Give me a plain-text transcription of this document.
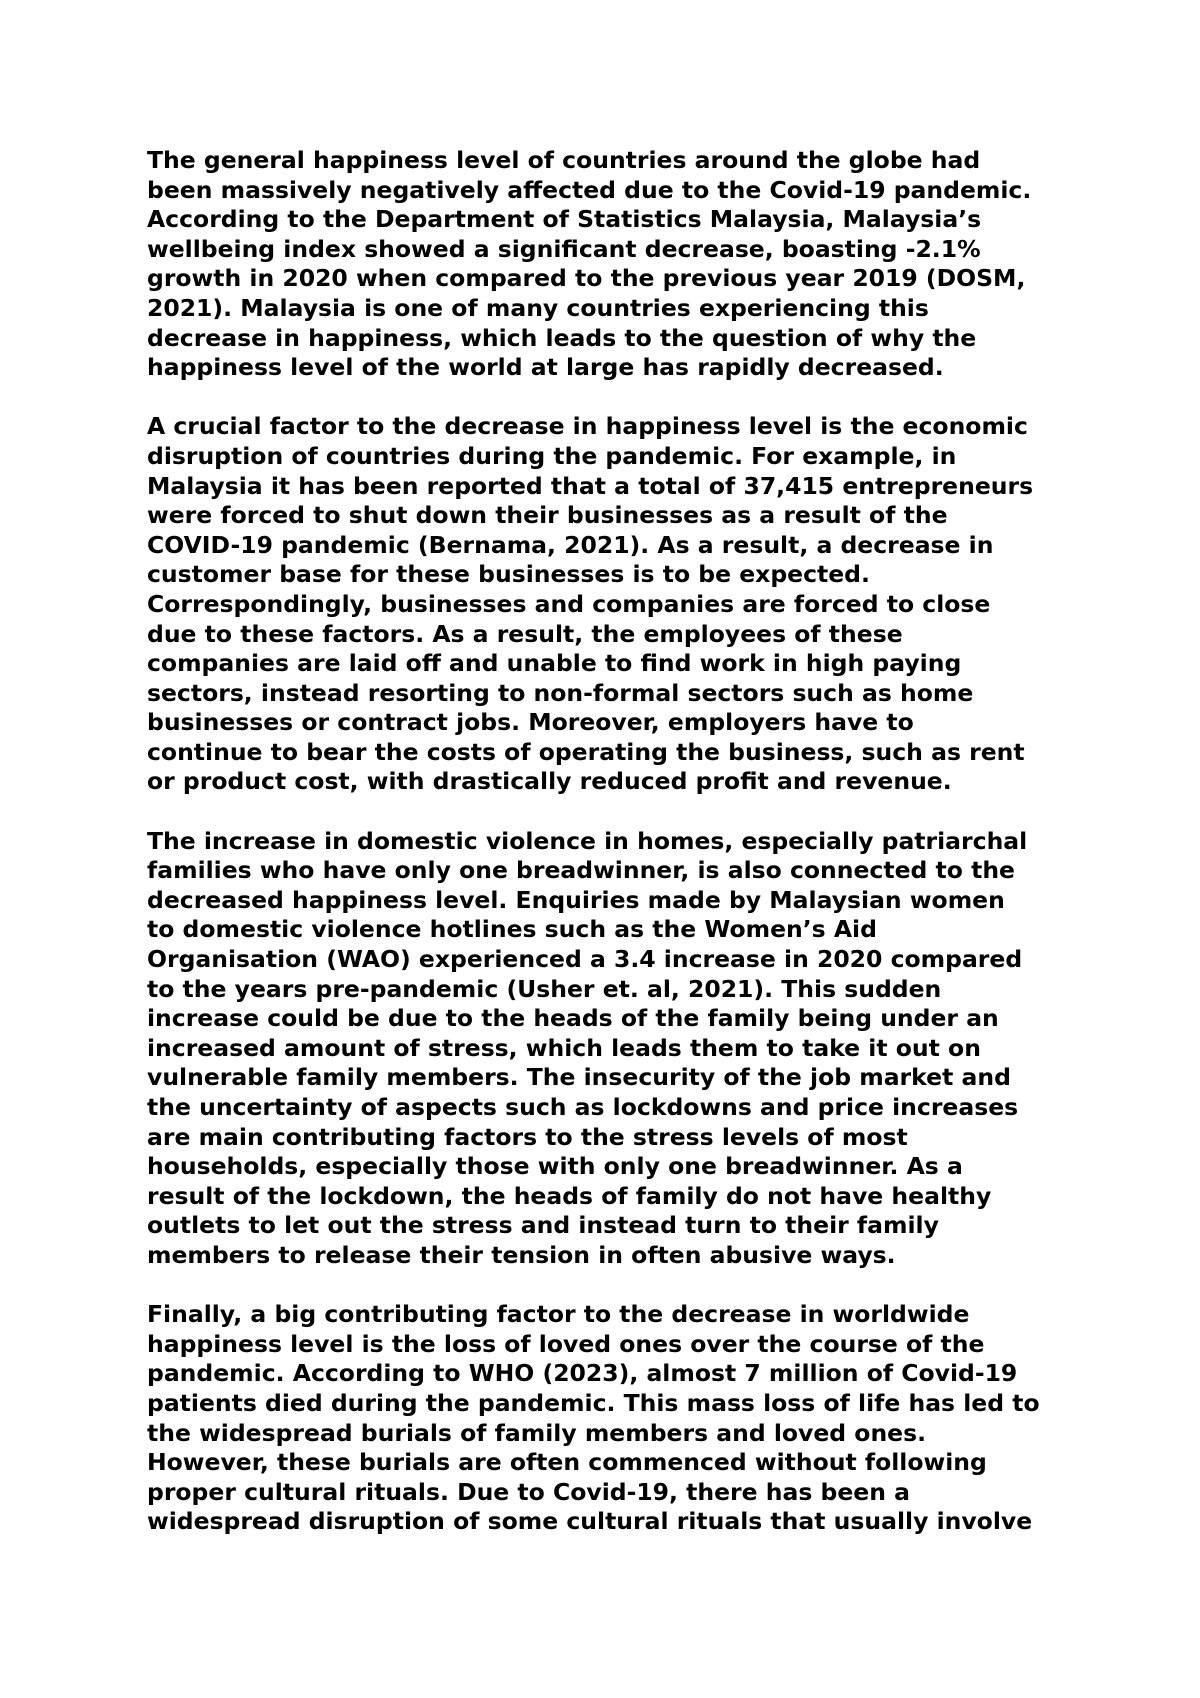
The general happiness level of countries around the globe had
been massively negatively affected due to the Covid-19 pandemic.
According to the Department of Statistics Malaysia, Malaysia’s
wellbeing index showed a significant decrease, boasting -2.1%
growth in 2020 when compared to the previous year 2019 (DOSM,
2021). Malaysia is one of many countries experiencing this
decrease in happiness, which leads to the question of why the
happiness level of the world at large has rapidly decreased.

A crucial factor to the decrease in happiness level is the economic
disruption of countries during the pandemic. For example, in
Malaysia it has been reported that a total of 37,415 entrepreneurs
were forced to shut down their businesses as a result of the
COVID-19 pandemic (Bernama, 2021). As a result, a decrease in
customer base for these businesses is to be expected.
Correspondingly, businesses and companies are forced to close
due to these factors. As a result, the employees of these
companies are laid off and unable to find work in high paying
sectors, instead resorting to non-formal sectors such as home
businesses or contract jobs. Moreover, employers have to
continue to bear the costs of operating the business, such as rent
or product cost, with drastically reduced profit and revenue.

The increase in domestic violence in homes, especially patriarchal
families who have only one breadwinner, is also connected to the
decreased happiness level. Enquiries made by Malaysian women
to domestic violence hotlines such as the Women’s Aid
Organisation (WAO) experienced a 3.4 increase in 2020 compared
to the years pre-pandemic (Usher et. al, 2021). This sudden
increase could be due to the heads of the family being under an
increased amount of stress, which leads them to take it out on
vulnerable family members. The insecurity of the job market and
the uncertainty of aspects such as lockdowns and price increases
are main contributing factors to the stress levels of most
households, especially those with only one breadwinner. As a
result of the lockdown, the heads of family do not have healthy
outlets to let out the stress and instead turn to their family
members to release their tension in often abusive ways.

Finally, a big contributing factor to the decrease in worldwide
happiness level is the loss of loved ones over the course of the
pandemic. According to WHO (2023), almost 7 million of Covid-19
patients died during the pandemic. This mass loss of life has led to
the widespread burials of family members and loved ones.
However, these burials are often commenced without following
proper cultural rituals. Due to Covid-19, there has been a
widespread disruption of some cultural rituals that usually involve
